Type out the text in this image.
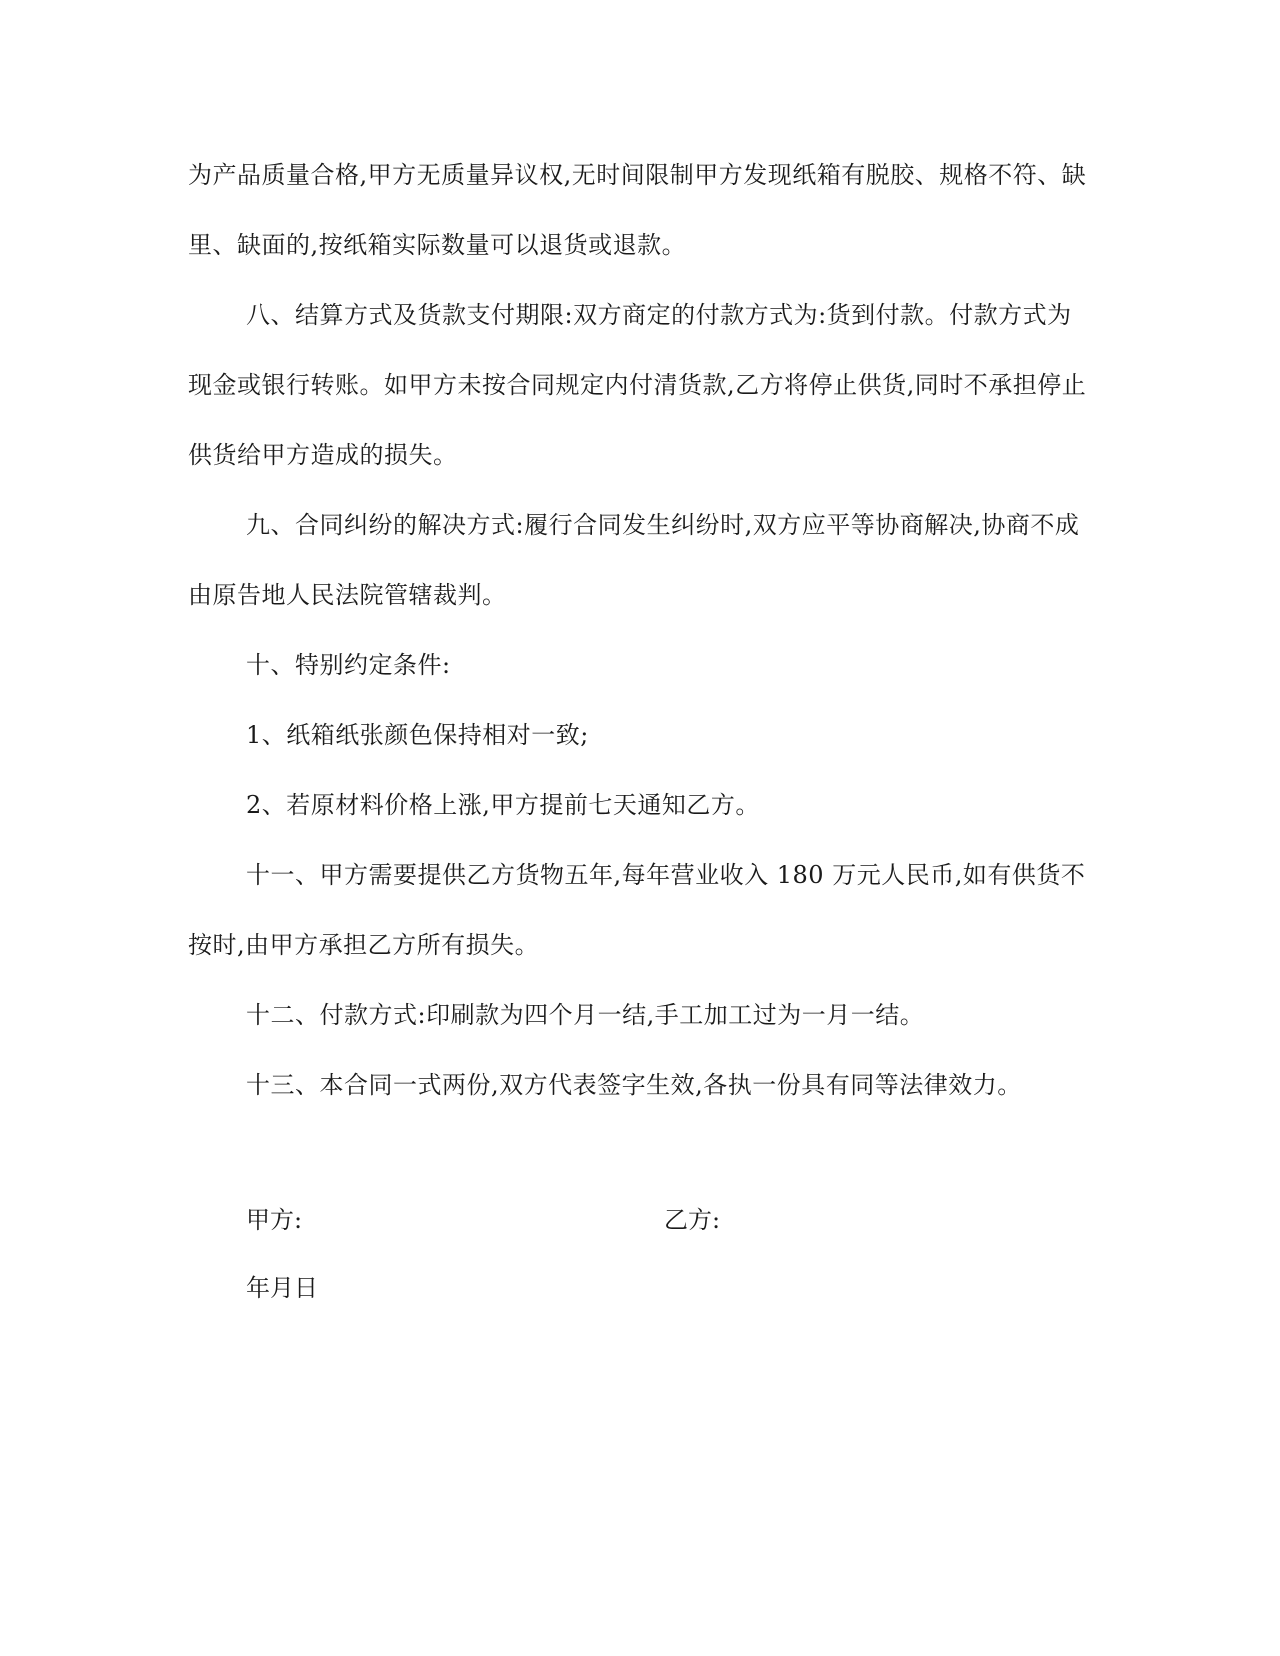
为产品质量合格,甲方无质量异议权,无时间限制甲方发现纸箱有脱胶、规格不符、缺里、缺面的,按纸箱实际数量可以退货或退款。

八、结算方式及货款支付期限:双方商定的付款方式为:货到付款。付款方式为现金或银行转账。如甲方未按合同规定内付清货款,乙方将停止供货,同时不承担停止供货给甲方造成的损失。

九、合同纠纷的解决方式:履行合同发生纠纷时,双方应平等协商解决,协商不成由原告地人民法院管辖裁判。

十、特别约定条件:

1、纸箱纸张颜色保持相对一致;

2、若原材料价格上涨,甲方提前七天通知乙方。

十一、甲方需要提供乙方货物五年,每年营业收入 180 万元人民币,如有供货不按时,由甲方承担乙方所有损失。

十二、付款方式:印刷款为四个月一结,手工加工过为一月一结。

十三、本合同一式两份,双方代表签字生效,各执一份具有同等法律效力。

甲方:	乙方:
年月日
